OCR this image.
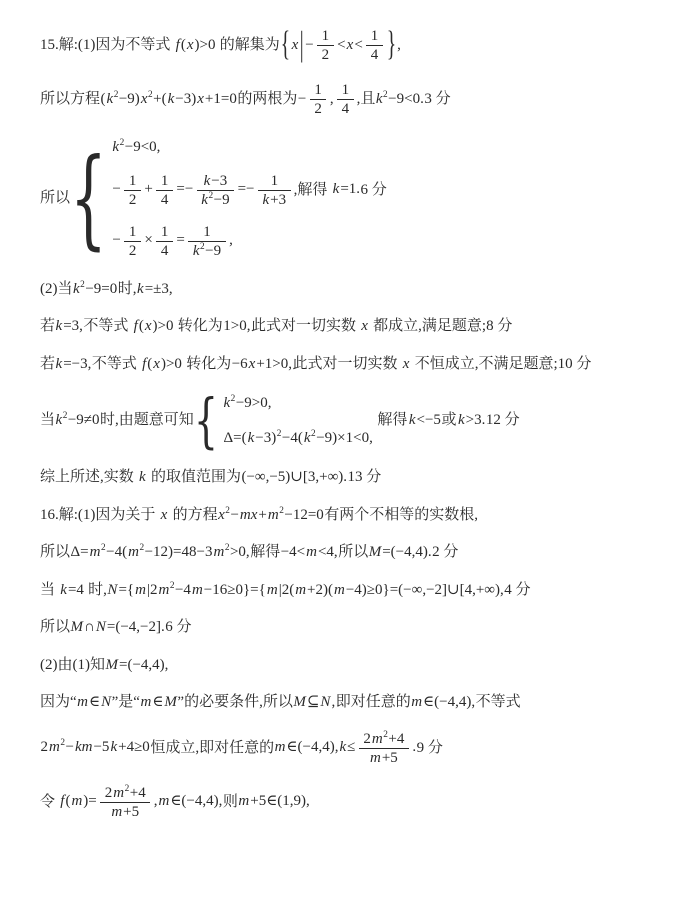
15.解:(1)因为不等式 f(x)>0 的解集为{ $x| - \frac{1}{2} <x< \frac{1}{4}$ },
所以方程$(k^2-9)x^2+(k-3)x+1=0$的两根为− $\frac{1}{2}$ , $\frac{1}{4}$ ,且$k^2-9<0.3$ 分
所以 { $k^2-9<0$,
− $\frac{1}{2} + \frac{1}{4} =- \frac{k-3}{k^2-9} =- \frac{1}{k+3}$ ,解得 k=1.6 分
− $\frac{1}{2} \times \frac{1}{4} = \frac{1}{k^2-9}$ ,
(2)当$k^2-9=0$时,k=±3,
若k=3,不等式 f(x)>0 转化为1>0,此式对一切实数 x 都成立,满足题意;8 分
若k=−3,不等式 f(x)>0 转化为−6x+1>0,此式对一切实数 x 不恒成立,不满足题意;10 分
当 $k^2-9\ne 0$ 时,由题意可知 { $k^2-9>0$,
$\Delta=(k-3)^2-4(k^2-9)\times 1<0$,
解得 k<−5 或 k>3. 12 分
综上所述,实数 k 的取值范围为(−∞,−5)∪[3,+∞).13 分
16.解:(1)因为关于 x 的方程$x^2-mx+m^2-12=0$有两个不相等的实数根,
所以$\Delta=m^2-4(m^2-12)=48-3m^2>0$,解得−4<m<4,所以M=(−4,4).2 分
当 k=4 时$,N=\{m|2m^2-4m-16\ge 0\}=\{m|2(m+2)(m-4)\ge 0\}=(-\infty,-2]\cup[4,+\infty),4$ 分
所以M∩N=(−4,−2].6 分
(2)由(1)知M=(−4,4),
因为“m∈N”是“m∈M”的必要条件,所以M⊆N,即对任意的m∈(−4,4),不等式
$2m^2-km-5k+4\ge 0$恒成立,即对任意的m∈(−4,4),k≤ $\frac{2m^2+4}{m+5} .9$ 分
令 $f(m)= \frac{2m^2+4}{m+5}$ ,m∈(−4,4),则m+5∈(1,9),
